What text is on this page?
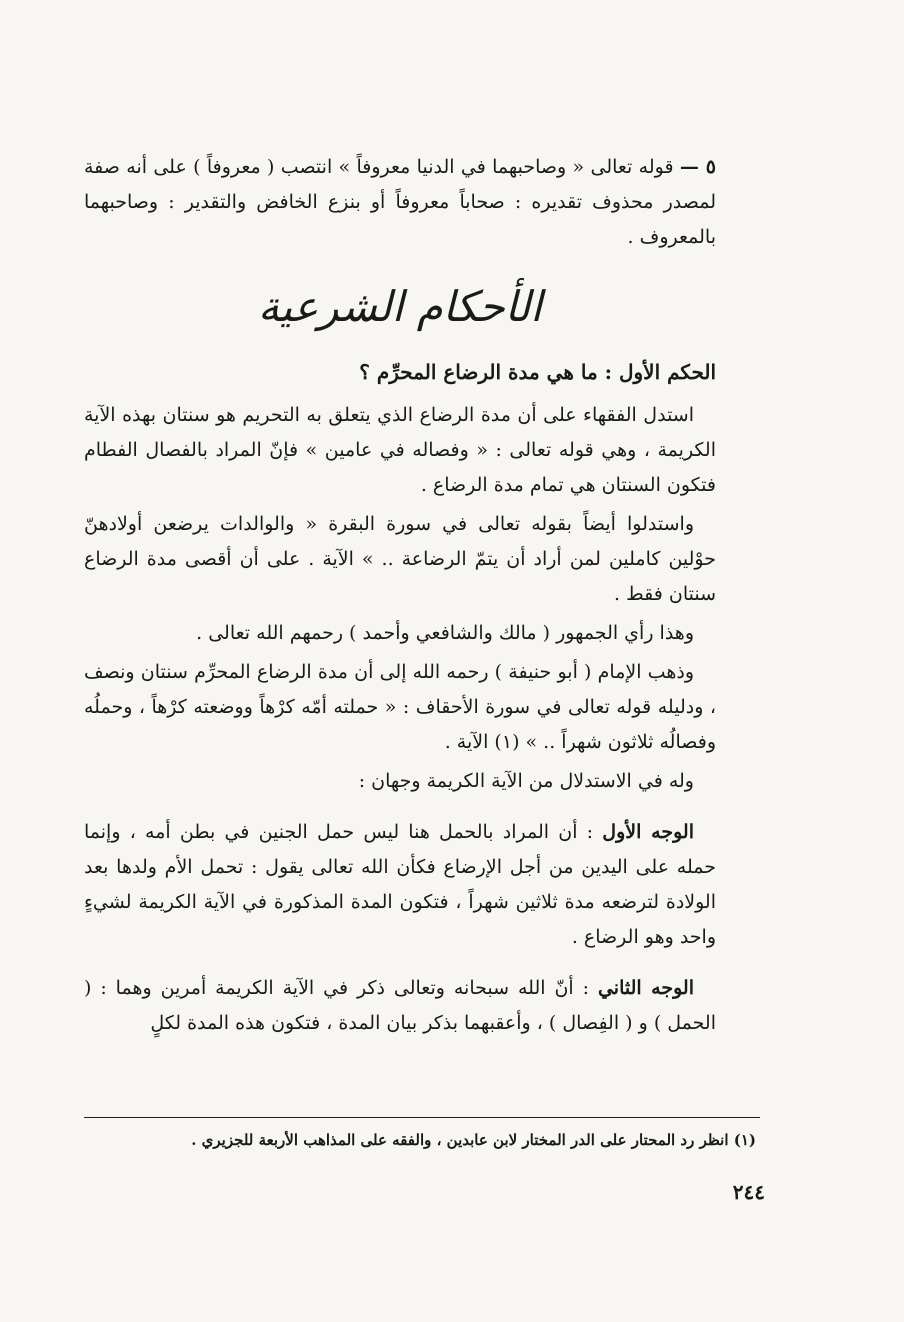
٥ — قوله تعالى « وصاحبهما في الدنيا معروفاً » انتصب ( معروفاً ) على أنه صفة لمصدر محذوف تقديره : صحاباً معروفاً أو بنزع الخافض والتقدير : وصاحبهما بالمعروف .

الأحكام الشرعية

الحكم الأول : ما هي مدة الرضاع المحرِّم ؟

استدل الفقهاء على أن مدة الرضاع الذي يتعلق به التحريم هو سنتان بهذه الآية الكريمة ، وهي قوله تعالى : « وفصاله في عامين » فإنّ المراد بالفصال الفطام فتكون السنتان هي تمام مدة الرضاع .

واستدلوا أيضاً بقوله تعالى في سورة البقرة « والوالدات يرضعن أولادهنّ حوْلين كاملين لمن أراد أن يتمّ الرضاعة .. » الآية . على أن أقصى مدة الرضاع سنتان فقط .

وهذا رأي الجمهور ( مالك والشافعي وأحمد ) رحمهم الله تعالى .

وذهب الإمام ( أبو حنيفة ) رحمه الله إلى أن مدة الرضاع المحرِّم سنتان ونصف ، ودليله قوله تعالى في سورة الأحقاف : « حملته أمّه كرْهاً ووضعته كرْهاً ، وحملُه وفصالُه ثلاثون شهراً .. » (١) الآية .

وله في الاستدلال من الآية الكريمة وجهان :

الوجه الأول : أن المراد بالحمل هنا ليس حمل الجنين في بطن أمه ، وإنما حمله على اليدين من أجل الإرضاع فكأن الله تعالى يقول : تحمل الأم ولدها بعد الولادة لترضعه مدة ثلاثين شهراً ، فتكون المدة المذكورة في الآية الكريمة لشيءٍ واحد وهو الرضاع .

الوجه الثاني : أنّ الله سبحانه وتعالى ذكر في الآية الكريمة أمرين وهما : ( الحمل ) و ( الفِصال ) ، وأعقبهما بذكر بيان المدة ، فتكون هذه المدة لكلٍ

(١) انظر رد المحتار على الدر المختار لابن عابدين ، والفقه على المذاهب الأربعة للجزيري .
٢٤٤
